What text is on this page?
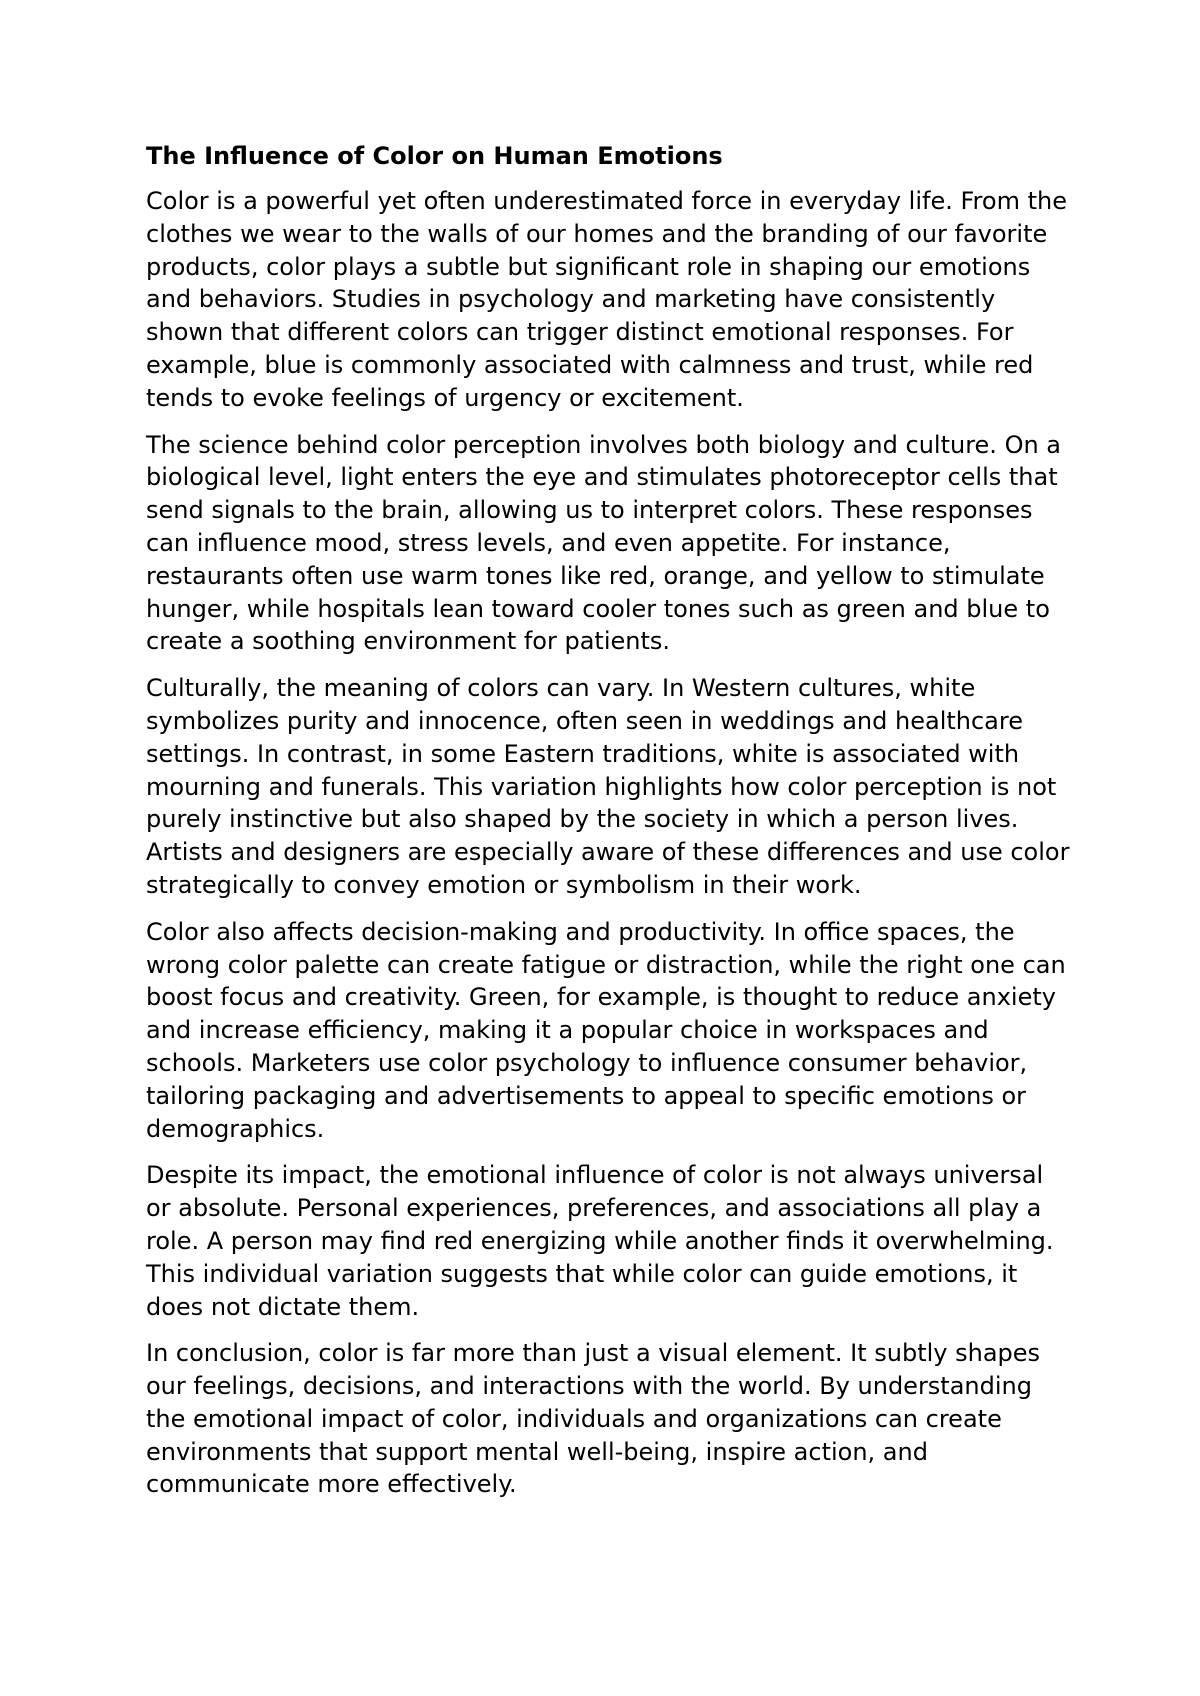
The Influence of Color on Human Emotions

Color is a powerful yet often underestimated force in everyday life. From the clothes we wear to the walls of our homes and the branding of our favorite products, color plays a subtle but significant role in shaping our emotions and behaviors. Studies in psychology and marketing have consistently shown that different colors can trigger distinct emotional responses. For example, blue is commonly associated with calmness and trust, while red tends to evoke feelings of urgency or excitement.

The science behind color perception involves both biology and culture. On a biological level, light enters the eye and stimulates photoreceptor cells that send signals to the brain, allowing us to interpret colors. These responses can influence mood, stress levels, and even appetite. For instance, restaurants often use warm tones like red, orange, and yellow to stimulate hunger, while hospitals lean toward cooler tones such as green and blue to create a soothing environment for patients.

Culturally, the meaning of colors can vary. In Western cultures, white symbolizes purity and innocence, often seen in weddings and healthcare settings. In contrast, in some Eastern traditions, white is associated with mourning and funerals. This variation highlights how color perception is not purely instinctive but also shaped by the society in which a person lives. Artists and designers are especially aware of these differences and use color strategically to convey emotion or symbolism in their work.

Color also affects decision-making and productivity. In office spaces, the wrong color palette can create fatigue or distraction, while the right one can boost focus and creativity. Green, for example, is thought to reduce anxiety and increase efficiency, making it a popular choice in workspaces and schools. Marketers use color psychology to influence consumer behavior, tailoring packaging and advertisements to appeal to specific emotions or demographics.

Despite its impact, the emotional influence of color is not always universal or absolute. Personal experiences, preferences, and associations all play a role. A person may find red energizing while another finds it overwhelming. This individual variation suggests that while color can guide emotions, it does not dictate them.

In conclusion, color is far more than just a visual element. It subtly shapes our feelings, decisions, and interactions with the world. By understanding the emotional impact of color, individuals and organizations can create environments that support mental well-being, inspire action, and communicate more effectively.
